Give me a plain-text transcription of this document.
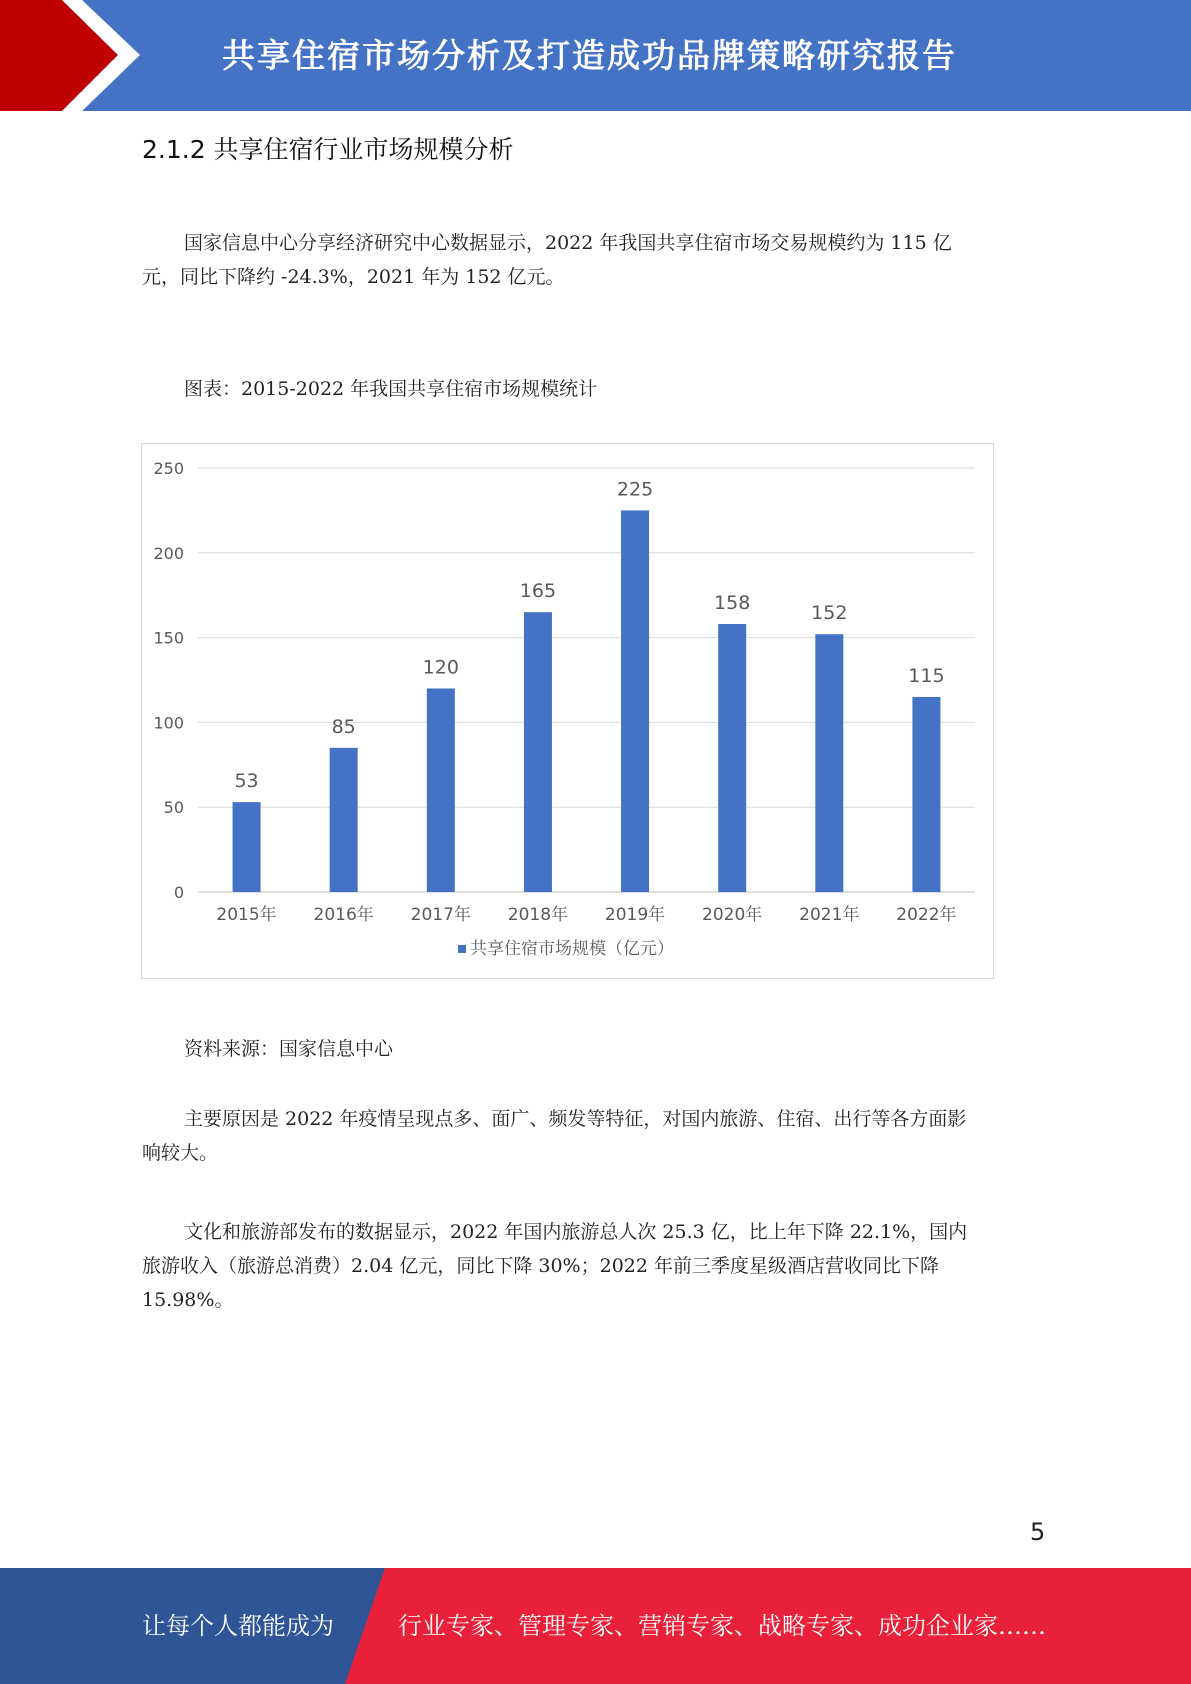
共享住宿市场分析及打造成功品牌策略研究报告
2.1.2 共享住宿行业市场规模分析
国家信息中心分享经济研究中心数据显示，2022 年我国共享住宿市场交易规模约为 115 亿
元，同比下降约 -24.3%，2021 年为 152 亿元。
图表：2015-2022 年我国共享住宿市场规模统计
0
50
100
150
200
250
53
2015年
85
2016年
120
2017年
165
2018年
225
2019年
158
2020年
152
2021年
115
2022年
共享住宿市场规模（亿元）
资料来源：国家信息中心
主要原因是 2022 年疫情呈现点多、面广、频发等特征，对国内旅游、住宿、出行等各方面影
响较大。
文化和旅游部发布的数据显示，2022 年国内旅游总人次 25.3 亿，比上年下降 22.1%，国内
旅游收入（旅游总消费）2.04 亿元，同比下降 30%；2022 年前三季度星级酒店营收同比下降
15.98%。
5
让每个人都能成为	行业专家、管理专家、营销专家、战略专家、成功企业家……
